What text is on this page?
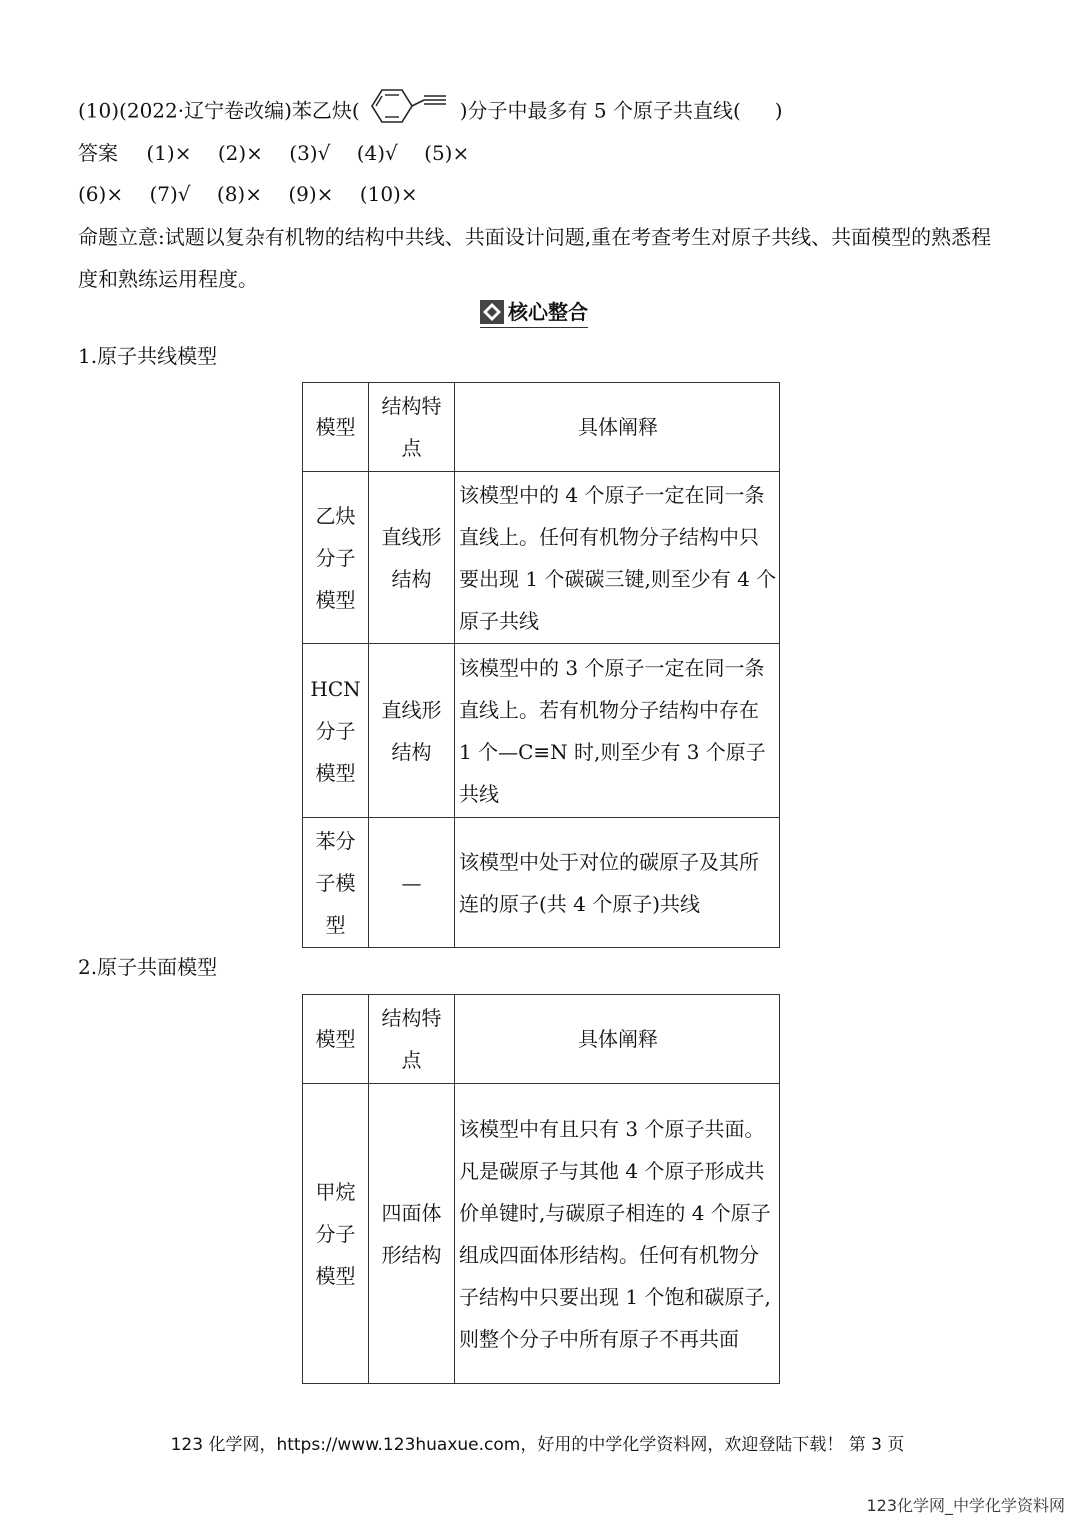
(10)(2022·辽宁卷改编)苯乙炔(	)分子中最多有 5 个原子共直线( )
答案 (1)× (2)× (3)√ (4)√ (5)×
(6)× (7)√ (8)× (9)× (10)×
命题立意:试题以复杂有机物的结构中共线、共面设计问题,重在考查考生对原子共线、共面模型的熟悉程度和熟练运用程度。
核心整合
1.原子共线模型
模型	结构特点	具体阐释
乙炔分子模型	直线形结构	该模型中的 4 个原子一定在同一条直线上。任何有机物分子结构中只要出现 1 个碳碳三键,则至少有 4 个原子共线
HCN分子模型	直线形结构	该模型中的 3 个原子一定在同一条直线上。若有机物分子结构中存在 1 个—C≡N 时,则至少有 3 个原子共线
苯分子模型	—	该模型中处于对位的碳原子及其所连的原子(共 4 个原子)共线
2.原子共面模型
模型	结构特点	具体阐释
甲烷分子模型	四面体形结构	该模型中有且只有 3 个原子共面。凡是碳原子与其他 4 个原子形成共价单键时,与碳原子相连的 4 个原子组成四面体形结构。任何有机物分子结构中只要出现 1 个饱和碳原子,则整个分子中所有原子不再共面
123 化学网，https://www.123huaxue.com，好用的中学化学资料网，欢迎登陆下载！ 第 3 页
123化学网_中学化学资料网
